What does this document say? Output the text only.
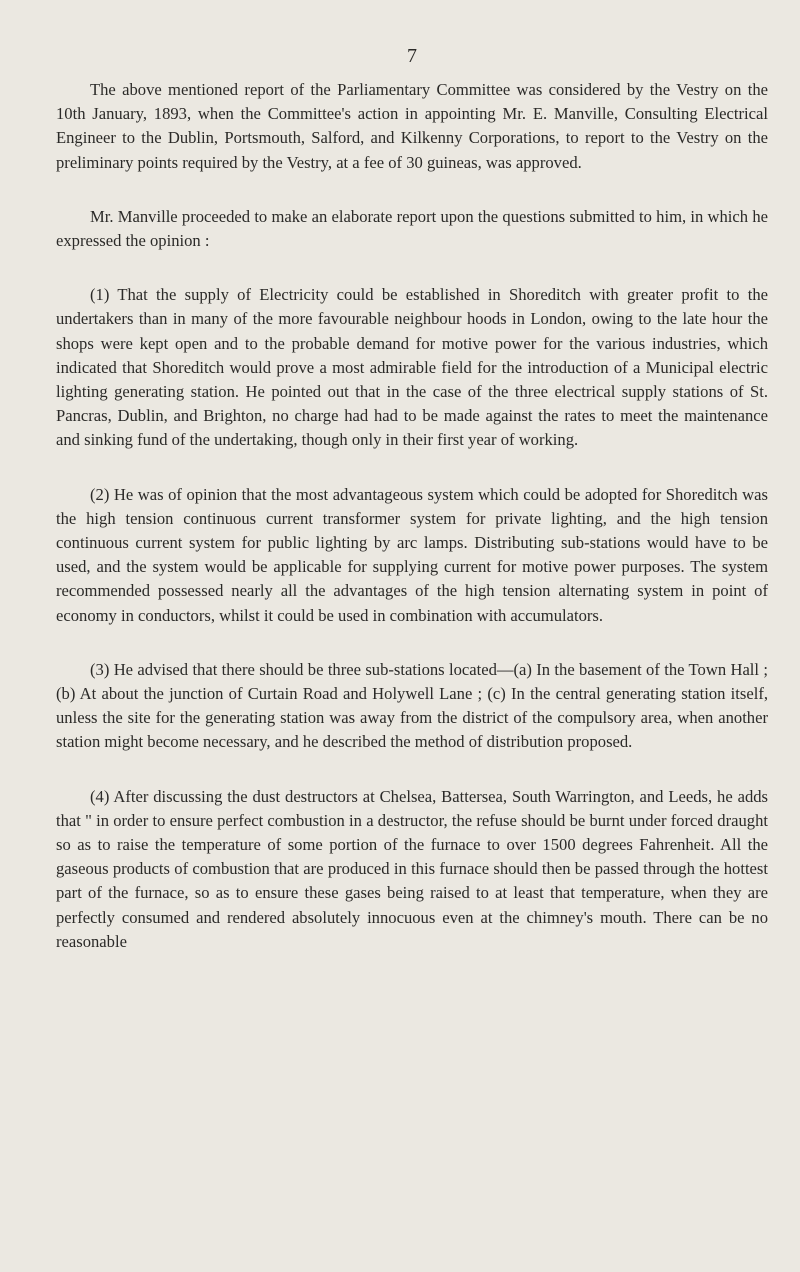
7

The above mentioned report of the Parliamentary Committee was considered by the Vestry on the 10th January, 1893, when the Committee's action in appointing Mr. E. Manville, Consulting Electrical Engineer to the Dublin, Portsmouth, Salford, and Kilkenny Corporations, to report to the Vestry on the preliminary points required by the Vestry, at a fee of 30 guineas, was approved.

Mr. Manville proceeded to make an elaborate report upon the questions submitted to him, in which he expressed the opinion :

(1) That the supply of Electricity could be established in Shoreditch with greater profit to the undertakers than in many of the more favourable neighbour hoods in London, owing to the late hour the shops were kept open and to the probable demand for motive power for the various industries, which indicated that Shoreditch would prove a most admirable field for the introduction of a Municipal electric lighting generating station. He pointed out that in the case of the three electrical supply stations of St. Pancras, Dublin, and Brighton, no charge had had to be made against the rates to meet the maintenance and sinking fund of the undertaking, though only in their first year of working.

(2) He was of opinion that the most advantageous system which could be adopted for Shoreditch was the high tension continuous current transformer system for private lighting, and the high tension continuous current system for public lighting by arc lamps. Distributing sub-stations would have to be used, and the system would be applicable for supplying current for motive power purposes. The system recommended possessed nearly all the advantages of the high tension alternating system in point of economy in conductors, whilst it could be used in combination with accumulators.

(3) He advised that there should be three sub-stations located—(a) In the basement of the Town Hall ; (b) At about the junction of Curtain Road and Holywell Lane ; (c) In the central generating station itself, unless the site for the generating station was away from the district of the compulsory area, when another station might become necessary, and he described the method of distribution proposed.

(4) After discussing the dust destructors at Chelsea, Battersea, South Warrington, and Leeds, he adds that " in order to ensure perfect combustion in a destructor, the refuse should be burnt under forced draught so as to raise the temperature of some portion of the furnace to over 1500 degrees Fahrenheit. All the gaseous products of combustion that are produced in this furnace should then be passed through the hottest part of the furnace, so as to ensure these gases being raised to at least that temperature, when they are perfectly consumed and rendered absolutely innocuous even at the chimney's mouth. There can be no reasonable
